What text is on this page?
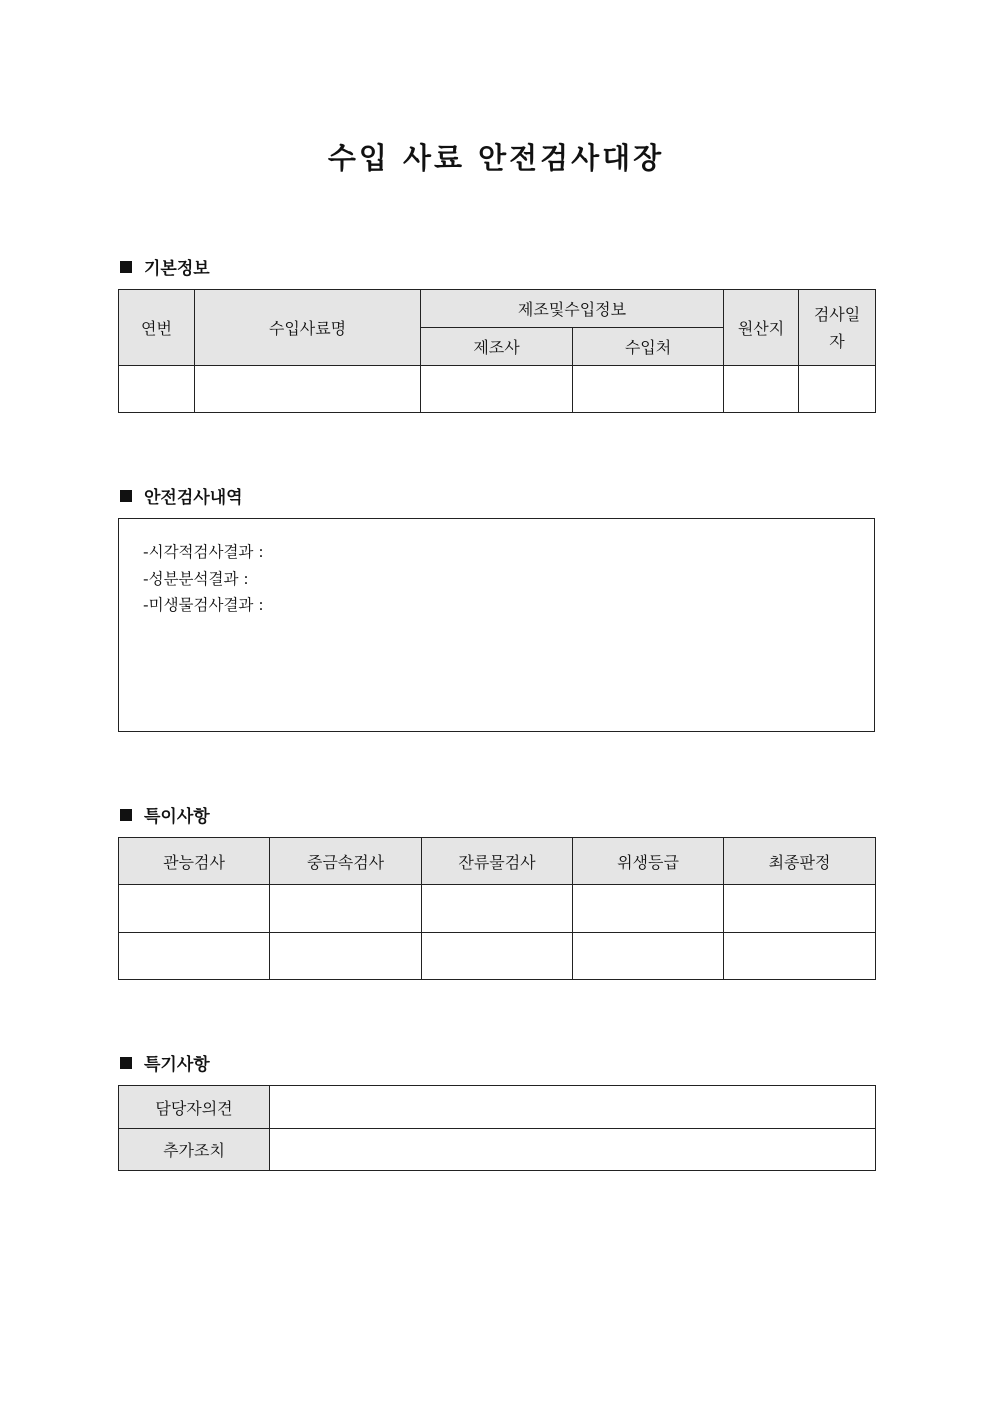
수입 사료 안전검사대장
기본정보
연번	수입사료명	제조및수입정보		원산지	검사일
자
		제조사	수입처		

안전검사내역
-시각적검사결과 :
-성분분석결과 :
-미생물검사결과 :
특이사항
관능검사	중금속검사	잔류물검사	위생등급	최종판정

특기사항
담당자의견	
추가조치	
